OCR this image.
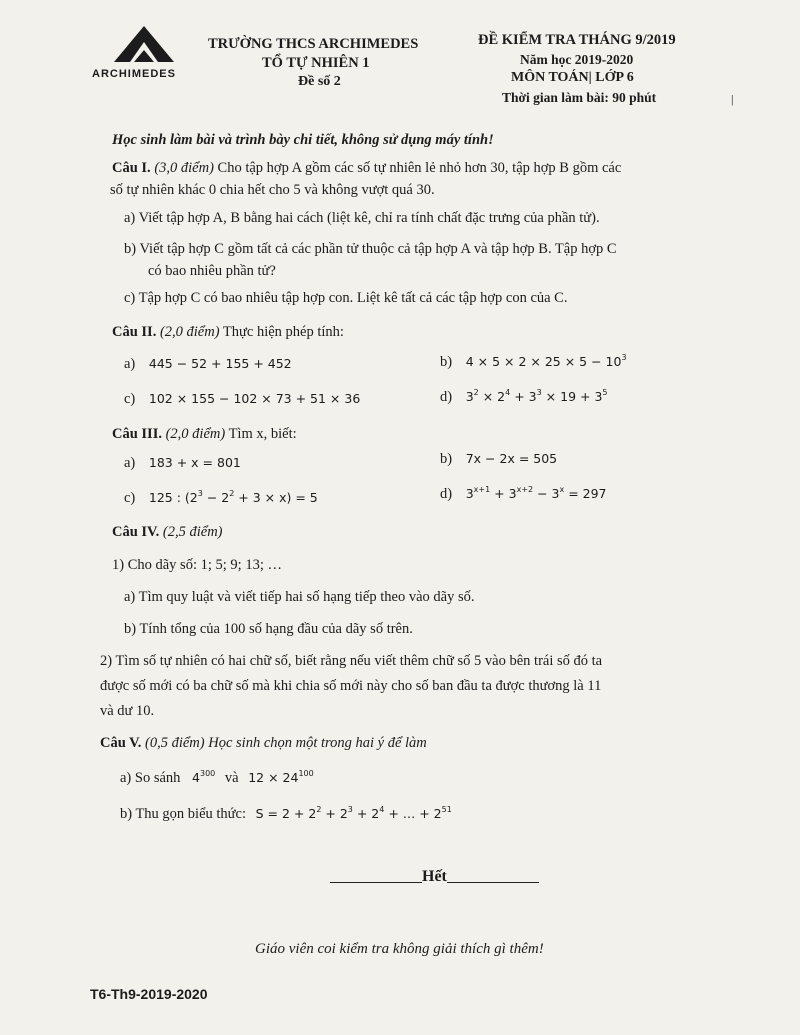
ARCHIMEDES
TRƯỜNG THCS ARCHIMEDES
TỔ TỰ NHIÊN 1
Đề số 2
ĐỀ KIỂM TRA THÁNG 9/2019
Năm học 2019-2020
MÔN TOÁN| LỚP 6
Thời gian làm bài: 90 phút	|
Học sinh làm bài và trình bày chi tiết, không sử dụng máy tính!
Câu I. (3,0 điểm) Cho tập hợp A gồm các số tự nhiên lẻ nhỏ hơn 30, tập hợp B gồm các
số tự nhiên khác 0 chia hết cho 5 và không vượt quá 30.
a) Viết tập hợp A, B bằng hai cách (liệt kê, chỉ ra tính chất đặc trưng của phần tử).
b) Viết tập hợp C gồm tất cả các phần tử thuộc cả tập hợp A và tập hợp B. Tập hợp C
có bao nhiêu phần tử?
c) Tập hợp C có bao nhiêu tập hợp con. Liệt kê tất cả các tập hợp con của C.
Câu II. (2,0 điểm) Thực hiện phép tính:
a) 445 − 52 + 155 + 452	b) $4 \times 5 \times 2 \times 25 \times 5 - 10^3$
c) 102 × 155 − 102 × 73 + 51 × 36	d) $3^2 \times 2^4 + 3^3 \times 19 + 3^5$
Câu III. (2,0 điểm) Tìm x, biết:
a) 183 + x = 801	b) 7x − 2x = 505
c) 125 : $(2^3 - 2^2 + 3 \times x) = 5$	d) $3^{x+1} + 3^{x+2} - 3^x = 297$
Câu IV. (2,5 điểm)
1) Cho dãy số: 1; 5; 9; 13; …
a) Tìm quy luật và viết tiếp hai số hạng tiếp theo vào dãy số.
b) Tính tổng của 100 số hạng đầu của dãy số trên.
2) Tìm số tự nhiên có hai chữ số, biết rằng nếu viết thêm chữ số 5 vào bên trái số đó ta
được số mới có ba chữ số mà khi chia số mới này cho số ban đầu ta được thương là 11
và dư 10.
Câu V. (0,5 điểm) Học sinh chọn một trong hai ý để làm
a) So sánh $4^{300}$ và $12 \times 24^{100}$
b) Thu gọn biểu thức: $S = 2 + 2^2 + 2^3 + 2^4$ + … + $2^{51}$
Hết
Giáo viên coi kiểm tra không giải thích gì thêm!
T6-Th9-2019-2020
